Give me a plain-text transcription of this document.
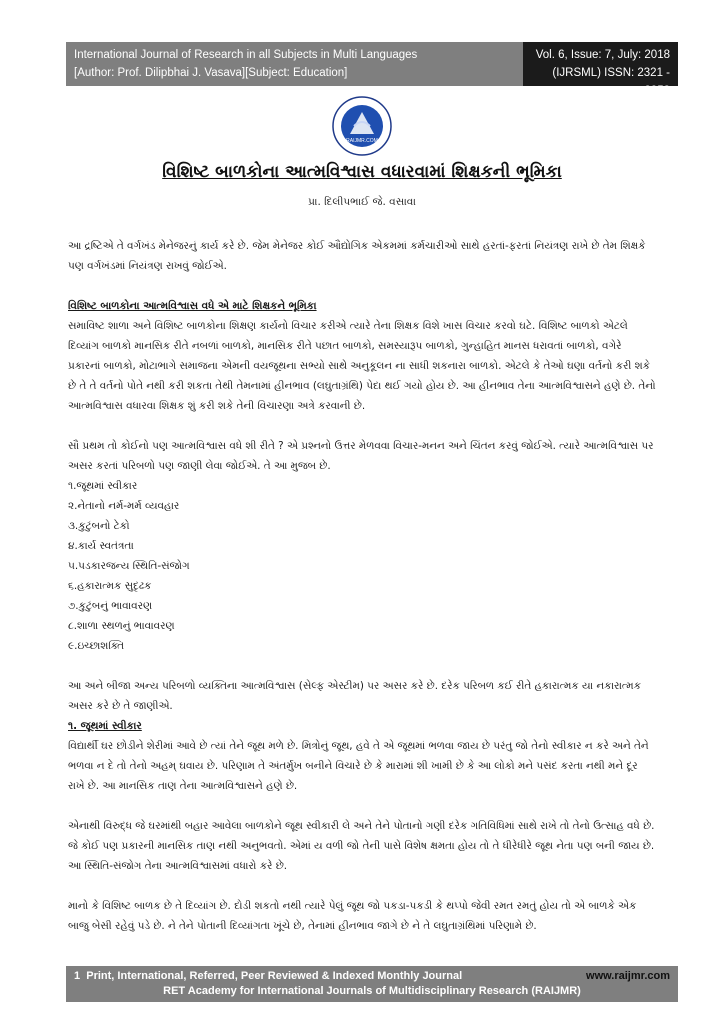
International Journal of Research in all Subjects in Multi Languages
[Author: Prof. Dilipbhai J. Vasava][Subject: Education]
Vol. 6, Issue: 7, July: 2018
(IJRSML) ISSN: 2321 - 2853
RAIJMR.COM
વિશિષ્ટ બાળકોના આત્મવિશ્વાસ વધારવામાં શિક્ષકની ભૂમિકા
પ્રા. દિલીપભાઈ જે. વસાવા

આ દ્રષ્ટિએ તે વર્ગખંડ મેનેજરનું કાર્ય કરે છે. જેમ મેનેજર કોઈ ઔદ્યોગિક એકમમાં કર્મચારીઓ સાથે હરતાં-ફરતાં નિયંત્રણ રાખે છે તેમ શિક્ષકે પણ વર્ગખંડમાં નિયંત્રણ રાખવું જોઈએ.

વિશિષ્ટ બાળકોના આત્મવિશ્વાસ વધે એ માટે શિક્ષકને ભૂમિકા

સમાવિષ્ટ શાળા અને વિશિષ્ટ બાળકોના શિક્ષણ કાર્યનો વિચાર કરીએ ત્યારે તેના શિક્ષક વિશે ખાસ વિચાર કરવો ઘટે. વિશિષ્ટ બાળકો એટલે દિવ્યાંગ બાળકો માનસિક રીતે નબળાં બાળકો, માનસિક રીતે પછાત બાળકો, સમસ્યારૂપ બાળકો, ગુન્હાહિત માનસ ધરાવતાં બાળકો, વગેરે પ્રકારનાં બાળકો, મોટાભાગે સમાજના એમની વયજૂથના સભ્યો સાથે અનુકૂલન ના સાધી શકનારા બાળકો. એટલે કે તેઓ ઘણા વર્તનો કરી શકે છે તે તે વર્તનો પોતે નથી કરી શકતા તેથી તેમનામાં હીનભાવ (લઘુતાગ્રંથિ) પેદા થઈ ગયો હોય છે. આ હીનભાવ તેના આત્મવિશ્વાસને હણે છે. તેનો આત્મવિશ્વાસ વધારવા શિક્ષક શું કરી શકે તેની વિચારણા અત્રે કરવાની છે.

સૌ પ્રથમ તો કોઈનો પણ આત્મવિશ્વાસ વધે શી રીતે ? એ પ્રશ્નનો ઉત્તર મેળવવા વિચાર-મનન અને ચિંતન કરવું જોઈએ. ત્યારે આત્મવિશ્વાસ પર અસર કરતાં પરિબળો પણ જાણી લેવા જોઈએ. તે આ મુજબ છે.

૧.જૂથમાં સ્વીકાર
૨.નેતાનો નર્મ-મર્મ વ્યવહાર
૩.કુટુંબનો ટેકો
૪.કાર્ય સ્વતંત્રતા
૫.પડકારજન્ય સ્થિતિ-સંજોગ
૬.હકારાત્મક સુદૃઢક
૭.કુટુંબનું ભાવાવરણ
૮.શાળા સ્થળનું ભાવાવરણ
૯.ઇચ્છાશક્તિ

આ અને બીજા અન્ય પરિબળો વ્યક્તિના આત્મવિશ્વાસ (સેલ્ફ એસ્ટીમ) પર અસર કરે છે. દરેક પરિબળ કઈ રીતે હકારાત્મક યા નકારાત્મક અસર કરે છે તે જાણીએ.

૧. જૂથમાં સ્વીકાર

વિદ્યાર્થી ઘર છોડીને શેરીમાં આવે છે ત્યાં તેને જૂથ મળે છે. મિત્રોનું જૂથ, હવે તે એ જૂથમાં ભળવા જાય છે પરંતુ જો તેનો સ્વીકાર ન કરે અને તેને ભળવા ન દે તો તેનો અહમ્ ઘવાય છે. પરિણામ તે અંતર્મુખ બનીને વિચારે છે કે મારામાં શી ખામી છે કે આ લોકો મને પસંદ કરતા નથી મને દૂર રાખે છે. આ માનસિક તાણ તેના આત્મવિશ્વાસને હણે છે.

એનાથી વિરુદ્ધ જે ઘરમાંથી બહાર આવેલા બાળકોને જૂથ સ્વીકારી લે અને તેને પોતાનો ગણી દરેક ગતિવિધિમાં સાથે રાખે તો તેનો ઉત્સાહ વધે છે. જે કોઈ પણ પ્રકારની માનસિક તાણ નથી અનુભવતો. એમાં ય વળી જો તેની પાસે વિશેષ ક્ષમતા હોય તો તે ધીરેધીરે જૂથ નેતા પણ બની જાય છે. આ સ્થિતિ-સંજોગ તેના આત્મવિશ્વાસમાં વધારો કરે છે.

માનો કે વિશિષ્ટ બાળક છે તે દિવ્યાંગ છે. દોડી શકતો નથી ત્યારે પેલું જૂથ જો પકડા-પકડી કે થપ્પો જેવી રમત રમતું હોય તો એ બાળકે એક બાજુ બેસી રહેવું પડે છે. ને તેને પોતાની દિવ્યાંગતા ખૂંચે છે, તેનામાં હીનભાવ જાગે છે ને તે લઘુતાગ્રંથિમાં પરિણામે છે.

1 Print, International, Referred, Peer Reviewed & Indexed Monthly Journal	www.raijmr.com
RET Academy for International Journals of Multidisciplinary Research (RAIJMR)
